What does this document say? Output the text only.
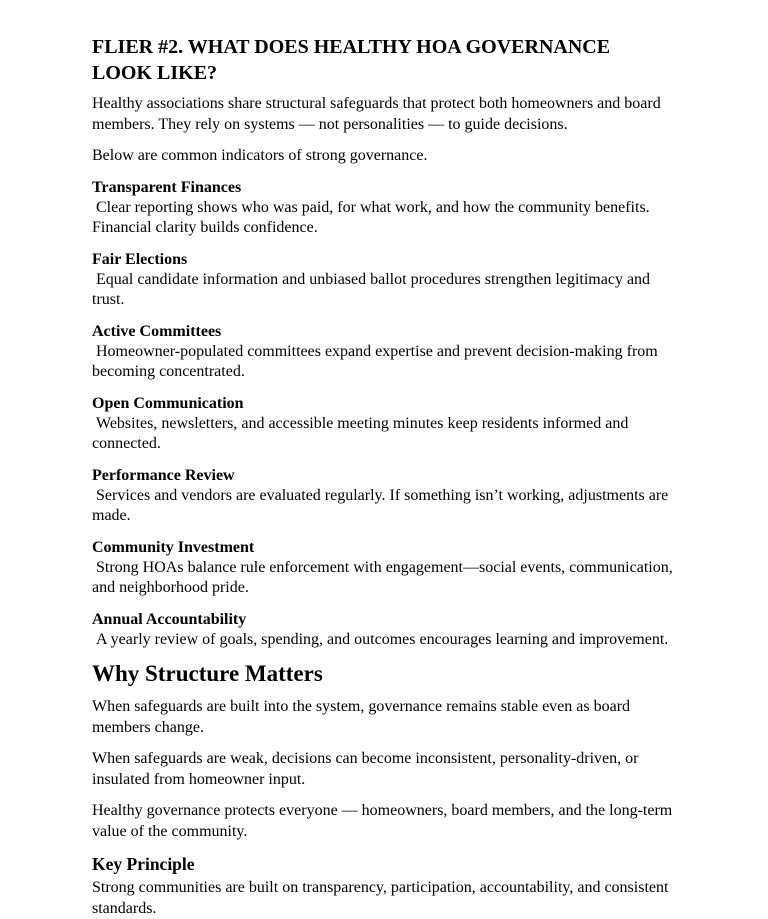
FLIER #2. WHAT DOES HEALTHY HOA GOVERNANCE LOOK LIKE?

Healthy associations share structural safeguards that protect both homeowners and board members. They rely on systems — not personalities — to guide decisions.

Below are common indicators of strong governance.

Transparent Finances

Clear reporting shows who was paid, for what work, and how the community benefits. Financial clarity builds confidence.

Fair Elections

Equal candidate information and unbiased ballot procedures strengthen legitimacy and trust.

Active Committees

Homeowner-populated committees expand expertise and prevent decision-making from becoming concentrated.

Open Communication

Websites, newsletters, and accessible meeting minutes keep residents informed and connected.

Performance Review

Services and vendors are evaluated regularly. If something isn’t working, adjustments are made.

Community Investment

Strong HOAs balance rule enforcement with engagement—social events, communication, and neighborhood pride.

Annual Accountability

A yearly review of goals, spending, and outcomes encourages learning and improvement.

Why Structure Matters

When safeguards are built into the system, governance remains stable even as board members change.

When safeguards are weak, decisions can become inconsistent, personality-driven, or insulated from homeowner input.

Healthy governance protects everyone — homeowners, board members, and the long-term value of the community.

Key Principle

Strong communities are built on transparency, participation, accountability, and consistent standards.
